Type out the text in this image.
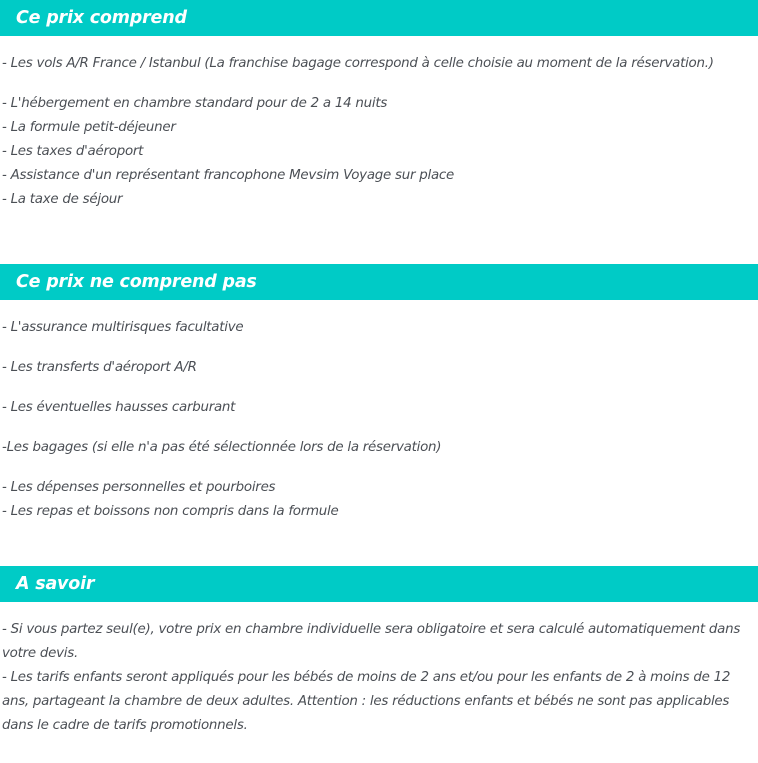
Ce prix comprend
- Les vols A/R France / Istanbul (La franchise bagage correspond à celle choisie au moment de la réservation.)
- L'hébergement en chambre standard pour de 2 a 14 nuits
- La formule petit-déjeuner
- Les taxes d'aéroport
- Assistance d'un représentant francophone Mevsim Voyage sur place
- La taxe de séjour
Ce prix ne comprend pas
- L'assurance multirisques facultative
- Les transferts d'aéroport A/R
- Les éventuelles hausses carburant
-Les bagages (si elle n'a pas été sélectionnée lors de la réservation)
- Les dépenses personnelles et pourboires
- Les repas et boissons non compris dans la formule
A savoir
- Si vous partez seul(e), votre prix en chambre individuelle sera obligatoire et sera calculé automatiquement dans votre devis.
- Les tarifs enfants seront appliqués pour les bébés de moins de 2 ans et/ou pour les enfants de 2 à moins de 12 ans, partageant la chambre de deux adultes. Attention : les réductions enfants et bébés ne sont pas applicables dans le cadre de tarifs promotionnels.
